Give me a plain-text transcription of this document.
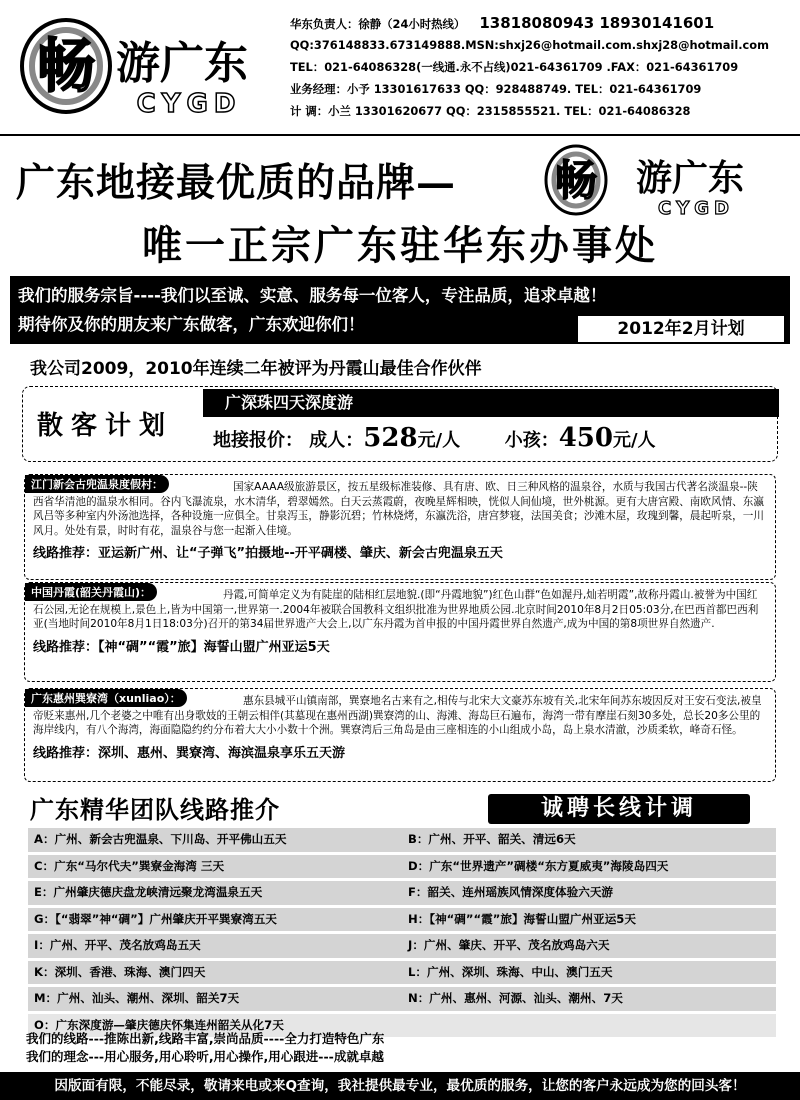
畅 游广东
CYGD
华东负责人：徐静（24小时热线） 13818080943 18930141601
QQ:376148833.673149888.MSN:shxj26@hotmail.com.shxj28@hotmail.com
TEL：021-64086328(一线通.永不占线)021-64361709 .FAX：021-64361709
业务经理：小予 13301617633 QQ：928488749. TEL：021-64361709
计 调：小兰 13301620677 QQ：2315855521. TEL：021-64086328
广东地接最优质的品牌— 畅 游广东
CYGD
唯一正宗广东驻华东办事处
我们的服务宗旨----我们以至诚、实意、服务每一位客人，专注品质，追求卓越！
期待你及你的朋友来广东做客，广东欢迎你们！	2012年2月计划
我公司2009，2010年连续二年被评为丹霞山最佳合作伙伴
散客计划
广深珠四天深度游
地接报价： 成人：528元/人 小孩：450元/人
江门新会古兜温泉度假村：	国家AAAA级旅游景区，按五星级标准装修、具有唐、欧、日三种风格的温泉谷，水质与我国古代著名淡温泉--陕西省华清池的温泉水相同。谷内飞瀑流泉，水木清华，碧翠嫣然。白天云蒸霞蔚，夜晚星辉相映，恍似人间仙境，世外桃源。更有大唐宫殿、南欧风情、东瀛风吕等多种室内外汤池选择，各种设施一应俱全。甘泉泻玉，静影沉碧；竹林烧烤，东瀛洗浴，唐宫梦寝，法国美食；沙滩木屋，玫瑰到馨，晨起听泉，一川风月。处处有景，时时有花，温泉谷与您一起渐入佳境。
线路推荐：亚运新广州、让“子弹飞”拍摄地--开平碉楼、肇庆、新会古兜温泉五天
中国丹霞(韶关丹霞山)：	丹霞,可简单定义为有陡崖的陆相红层地貌.(即“丹霞地貌”)红色山群“色如渥丹,灿若明霞”,故称丹霞山.被誉为中国红石公园,无论在规模上,景色上,皆为中国第一,世界第一.2004年被联合国教科文组织批准为世界地质公园.北京时间2010年8月2日05:03分,在巴西首都巴西利亚(当地时间2010年8月1日18:03分)召开的第34届世界遗产大会上,以广东丹霞为首申报的中国丹霞世界自然遗产,成为中国的第8项世界自然遗产.
线路推荐：【神“碉”“霞”旅】海誓山盟广州亚运5天
广东惠州巽寮湾（xunliao）：	惠东县城平山镇南部，巽寮地名古来有之,相传与北宋大文豪苏东坡有关,北宋年间苏东坡因反对王安石变法,被皇帝贬来惠州,几个老婆之中唯有出身歌妓的王朝云相伴(其墓现在惠州西湖)巽寮湾的山、海滩、海岛巨石遍布，海湾一带有摩崖石刻30多处，总长20多公里的海岸线内，有八个海湾，海面隐隐约约分布着大大小小数十个洲。巽寮湾后三角岛是由三座相连的小山组成小岛，岛上泉水清澈，沙质柔软，峰奇石怪。
线路推荐：深圳、惠州、巽寮湾、海滨温泉享乐五天游
广东精华团队线路推介	诚聘长线计调
A：广州、新会古兜温泉、下川岛、开平佛山五天	B：广州、开平、韶关、清远6天
C：广东“马尔代夫”巽寮金海湾 三天	D：广东“世界遗产”碉楼“东方夏威夷”海陵岛四天
E：广州肇庆德庆盘龙峡清远聚龙湾温泉五天	F：韶关、连州瑶族风情深度体验六天游
G：【“翡翠”神“碉”】广州肇庆开平巽寮湾五天	H：【神“碉”“霞”旅】海誓山盟广州亚运5天
I：广州、开平、茂名放鸡岛五天	J：广州、肇庆、开平、茂名放鸡岛六天
K：深圳、香港、珠海、澳门四天	L：广州、深圳、珠海、中山、澳门五天
M：广州、汕头、潮州、深圳、韶关7天	N：广州、惠州、河源、汕头、潮州、7天
O：广东深度游—肇庆德庆怀集连州韶关从化7天
我们的线路---推陈出新,线路丰富,崇尚品质----全力打造特色广东
我们的理念---用心服务,用心聆听,用心操作,用心跟进---成就卓越
因版面有限，不能尽录，敬请来电或来Q查询，我社提供最专业，最优质的服务，让您的客户永远成为您的回头客！
